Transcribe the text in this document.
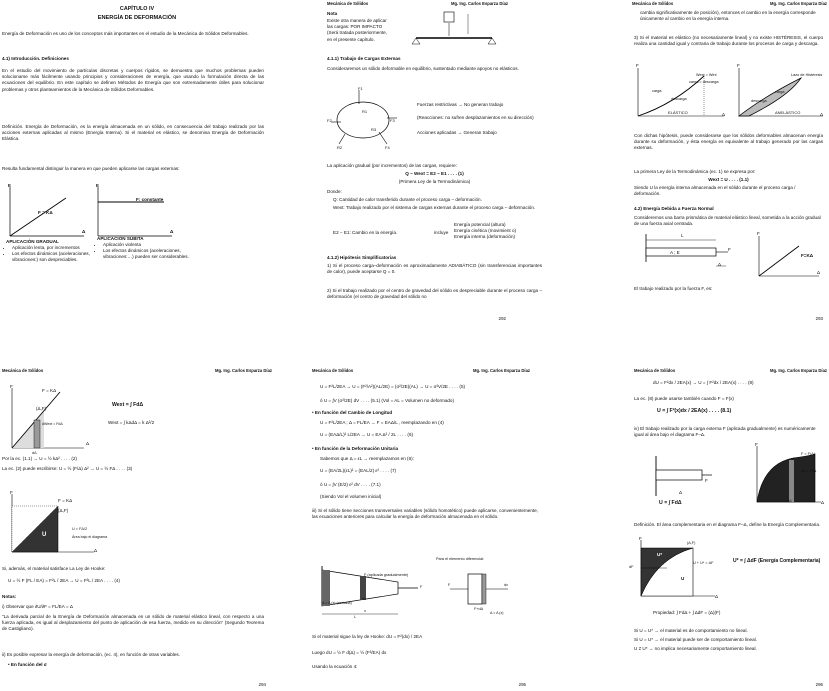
CAPÍTULO IV
ENERGÍA DE DEFORMACIÓN
Energía de Deformación es uno de los conceptos más importantes en el estudio de la Mecánica de Sólidos Deformables.
4.1) Introducción. Definiciones
En el estudio del movimiento de partículas discretas y cuerpos rígidos, se demuestra que muchos problemas pueden solucionarse más fácilmente usando principios y consideraciones de energía, que usando la formulación directa de las ecuaciones del equilibrio. En este capítulo se definen Métodos de Energía que son extremadamente útiles para solucionar problemas y otros planteamientos de la Mecánica de Sólidos Deformables.
Definición. Energía de Deformación, es la energía almacenada en un sólido, en consecuencia del trabajo realizado por las acciones externas aplicadas al mismo (Energía Interna). Si el material es elástico, se denomina Energía de Deformación Elástica.
Resulta fundamental distinguir la manera en que pueden aplicarse las cargas externas:
F
F = KΔ
Δ
F
F: constante
Δ
APLICACIÓN GRADUAL
• Aplicación lenta, por incrementos
• Los efectos dinámicos (aceleraciones, vibraciones:) son despreciables.
APLICACIÓN SÚBITA
• Aplicación violenta
• Los efectos dinámicos (aceleraciones, vibraciones:…) pueden ser considerables.
Mecánica de Sólidos	Mg. Ing. Carlos Esparza Díaz
Nota
Existe otra manera de aplicar
las cargas: POR IMPACTO
(Será tratada posteriormente,
en el presente capítulo.
4.1.1) Trabajo de Cargas Externas
Consideraremos un sólido deformable en equilibrio, sustentado mediante apoyos no elásticos.
F1
F2	F3
F4
R1
R2
R3
Fuerzas restrictivas → No generan trabajo
(Reacciones: no sufren desplazamientos en su dirección)
Acciones aplicadas → Generan trabajo
La aplicación gradual (por incrementos) de las cargas, requiere:
Q − Wext = E2 − E1 . . . . (1)
(Primera Ley de la Termodinámica)
Donde:
Q: Cantidad de calor transferido durante el proceso carga – deformación.
Wext: Trabajo realizado por el sistema de cargas externas durante el proceso carga – deformación.
E2 − E1: Cambio en la energía.	incluye
Energía potencial (altura)
Energía cinética (movimient o)
Energía interna (deformación)
4.1.2) Hipótesis Simplificatorias
1) Si el proceso carga–deformación es aproximadamente ADIABÁTICO (sin transferencias importantes de calor), puede aceptarse Q = 0.
2) Si el trabajo realizado por el centro de gravedad del sólido es despreciable durante el proceso carga – deformación (el centro de gravedad del sólido no
292
Mecánica de Sólidos	Mg. Ing. Carlos Esparza Díaz
cambia significativamente de posición), entonces el cambio en la energía corresponde únicamente al cambio en la energía interna.
3) Si el material es elástico (no necesariamente lineal) y no existe HISTÉRESIS, el cuerpo realiza una cantidad igual y contraria de trabajo durante los procesos de carga y descarga.
Wext = Wint
carga = descarga
carga
descarga
ELÁSTICO
F
Δ
Lazo de Histéresis
carga
descarga
ANELÁSTICO
F
Δ
Con dichas hipótesis, puede considerarse que los sólidos deformables almacenan energía durante su deformación, y ésta energía es equivalente al trabajo generado por las cargas externas.
La primera Ley de la Termodinámica (ec. 1) se expresa por:
Wext = U . . . . (1.1)
Siendo U la energía interna almacenada en el sólido durante el proceso carga / deformación.
4.2) Energía Debida a Fuerza Normal
Consideremos una barra prismática de material elástico lineal, sometida a la acción gradual de una fuerza axial centrada.
L
A ; E
F
Δ
F
F=KΔ
Δ
El trabajo realizado por la fuerza F, es:
293
Mecánica de Sólidos	Mg. Ing. Carlos Esparza Díaz
F
F = KΔ
(Δ,F)
dWext = FdΔ
Δ
dΔ
Wext = ∫ FdΔ
Wext = ∫ kΔdΔ = k Δ²/2
Por la ec. (1.1) → U = ½ kΔ² . . . . (2)
La ec. (2) puede escribirse: U = ½ (F/Δ) Δ² → U = ½ FΔ . . . . (3)
F
F = KΔ
(Δ,F)
U
U = FΔ/2
Área bajo el diagrama
Δ
Si, además, el material satisface La Ley de Hooke:
U = ½ F (FL / EA) = F²L / 2EA → U = F²L / 2EA . . . . (4)
Notas:
i) Observar que ∂U/∂F = FL/EA = Δ
"La derivada parcial de la Energía de Deformación almacenada en un sólido de material elástico lineal, con respecto a una fuerza aplicada, es igual al desplazamiento del punto de aplicación de esa fuerza, medido en su dirección" (Segundo Teorema de Castigliano).
ii) Es posible expresar la energía de deformación, (ec. 4), en función de otras variables.
• En función del σ
294
Mecánica de Sólidos	Mg. Ing. Carlos Esparza Díaz
U = F²L/2EA → U = (F²/A²)(AL/2E) = (σ²/2E)(AL) → U = σ²V/2E . . . . (5)
ó U = ∫V (σ²/2E) dV . . . . (5.1) (Vol = AL = Volumen no deformado)
• En función del Cambio de Longitud
U = F²L/2EA ; Δ = FL/EA → F = EAΔ/L , reemplazando en (4)
U = (EAΔ/L)² L/2EA → U = EA Δ² / 2L . . . . (6)
• En función de la Deformación Unitaria
Sabemos que Δ = εL → reemplazamos en (6):
U = (EA/2L)(εL)² = (EAL/2) ε² . . . . (7)
ó U = ∫V (E/2) ε² dV . . . . (7.1)
(Siendo Vol el volumen inicial)
iii) Si el sólido tiene secciones transversales variables (sólido homotético) puede aplicarse, convenientemente, las ecuaciones anteriores para calcular la energía de deformación almacenada en el sólido.
F (aplicada gradualmente)
A = A (x) (acotada)
x
dx
L
F
Para el elemento diferencial:
F	dx
F+dΔ
A = A (x)
Si el material sigue la ley de Hooke: dU = F²(dx) / 2EA
Luego dU = ½ F d(Δ) = ½ (F²/EA) dx
Usando la ecuación 4:
295
Mecánica de Sólidos	Mg. Ing. Carlos Esparza Díaz
dU = F²dx / 2EA(x) → U = ∫ F²dx / 2EA(x) . . . . (8)
La ec. (8) puede usarse también cuando F = F(x)
U = ∫ F²(x)dx / 2EA(x) . . . . (8.1)
iv) El trabajo realizado por la carga externa F (aplicada gradualmente) es numéricamente igual al área bajo el diagrama F–Δ.
F
Δ
F
F = F(Δ)
dU = FdΔ
dΔ	Δ
U = ∫ FdΔ
Definición. El área complementaria en el diagrama F–Δ, define la Energía Complementaria.
F
(Δ,F)
dF
U*
U
U + U* = ΔF
Δ
U* = ∫ ΔdF (Energía Complementaria)
Propiedad: ∫ FdΔ + ∫ ΔdF = (Δ)(F)
Si U = U* → el material es de comportamiento no lineal.
Si U = U* → el material puede ser de comportamiento lineal.
U ≠ U* → no implica necesariamente comportamiento lineal.
296
